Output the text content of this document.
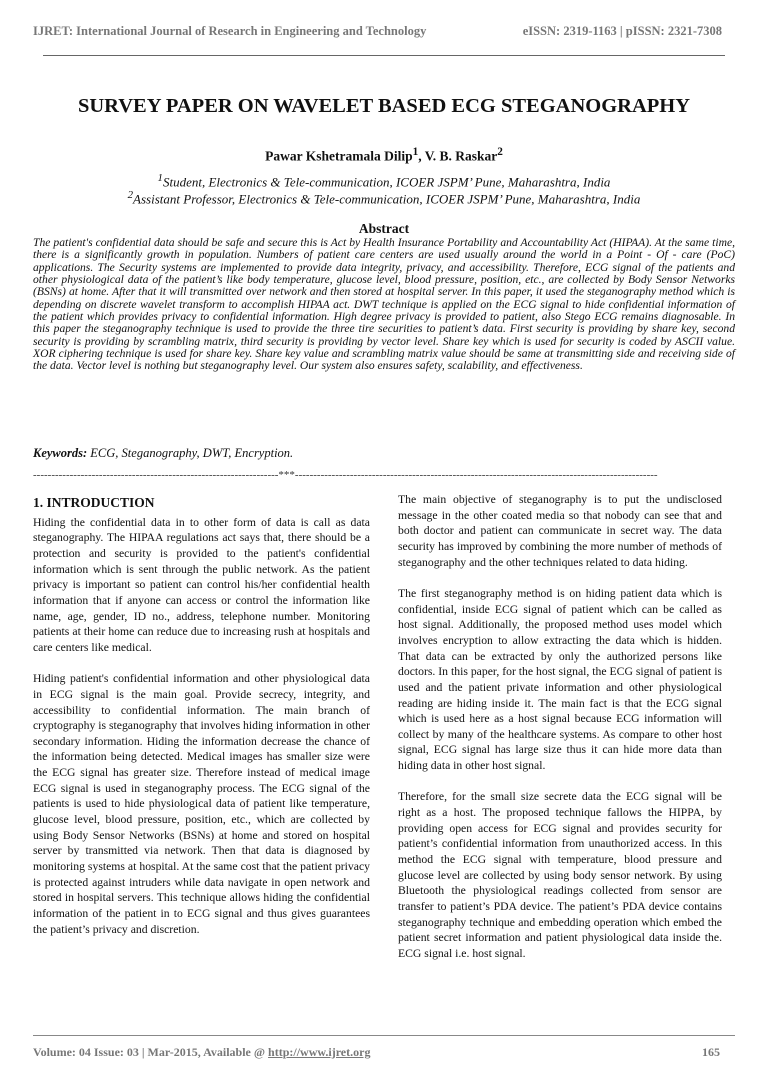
IJRET: International Journal of Research in Engineering and Technology	eISSN: 2319-1163 | pISSN: 2321-7308
SURVEY PAPER ON WAVELET BASED ECG STEGANOGRAPHY
Pawar Kshetramala Dilip$^1$, V. B. Raskar$^2$
$^1$Student, Electronics & Tele-communication, ICOER JSPM’ Pune, Maharashtra, India
$^2$Assistant Professor, Electronics & Tele-communication, ICOER JSPM’ Pune, Maharashtra, India
Abstract
The patient's confidential data should be safe and secure this is Act by Health Insurance Portability and Accountability Act (HIPAA). At the same time, there is a significantly growth in population. Numbers of patient care centers are used usually around the world in a Point - Of - care (PoC) applications. The Security systems are implemented to provide data integrity, privacy, and accessibility. Therefore, ECG signal of the patients and other physiological data of the patient’s like body temperature, glucose level, blood pressure, position, etc., are collected by Body Sensor Networks (BSNs) at home. After that it will transmitted over network and then stored at hospital server. In this paper, it used the steganography method which is depending on discrete wavelet transform to accomplish HIPAA act. DWT technique is applied on the ECG signal to hide confidential information of the patient which provides privacy to confidential information. High degree privacy is provided to patient, also Stego ECG remains diagnosable. In this paper the steganography technique is used to provide the three tire securities to patient’s data. First security is providing by share key, second security is providing by scrambling matrix, third security is providing by vector level. Share key which is used for security is coded by ASCII value. XOR ciphering technique is used for share key. Share key value and scrambling matrix value should be same at transmitting side and receiving side of the data. Vector level is nothing but steganography level. Our system also ensures safety, scalability, and effectiveness.
Keywords: ECG, Steganography, DWT, Encryption.
-------------------------------------------------------------------***---------------------------------------------------------------------------------------------------
1. INTRODUCTION

Hiding the confidential data in to other form of data is call as data steganography. The HIPAA regulations act says that, there should be a protection and security is provided to the patient's confidential information which is sent through the public network. As the patient privacy is important so patient can control his/her confidential health information that if anyone can access or control the information like name, age, gender, ID no., address, telephone number. Monitoring patients at their home can reduce due to increasing rush at hospitals and care centers like medical.

Hiding patient's confidential information and other physiological data in ECG signal is the main goal. Provide secrecy, integrity, and accessibility to confidential information. The main branch of cryptography is steganography that involves hiding information in other secondary information. Hiding the information decrease the chance of the information being detected. Medical images has smaller size were the ECG signal has greater size. Therefore instead of medical image ECG signal is used in steganography process. The ECG signal of the patients is used to hide physiological data of patient like temperature, glucose level, blood pressure, position, etc., which are collected by using Body Sensor Networks (BSNs) at home and stored on hospital server by transmitted via network. Then that data is diagnosed by monitoring systems at hospital. At the same cost that the patient privacy is protected against intruders while data navigate in open network and stored in hospital servers. This technique allows hiding the confidential information of the patient in to ECG signal and thus gives guarantees the patient’s privacy and discretion.

The main objective of steganography is to put the undisclosed message in the other coated media so that nobody can see that and both doctor and patient can communicate in secret way. The data security has improved by combining the more number of methods of steganography and the other techniques related to data hiding.

The first steganography method is on hiding patient data which is confidential, inside ECG signal of patient which can be called as host signal. Additionally, the proposed method uses model which involves encryption to allow extracting the data which is hidden. That data can be extracted by only the authorized persons like doctors. In this paper, for the host signal, the ECG signal of patient is used and the patient private information and other physiological reading are hiding inside it. The main fact is that the ECG signal which is used here as a host signal because ECG information will collect by many of the healthcare systems. As compare to other host signal, ECG signal has large size thus it can hide more data than hiding data in other host signal.

Therefore, for the small size secrete data the ECG signal will be right as a host. The proposed technique fallows the HIPPA, by providing open access for ECG signal and provides security for patient’s confidential information from unauthorized access. In this method the ECG signal with temperature, blood pressure and glucose level are collected by using body sensor network. By using Bluetooth the physiological readings collected from sensor are transfer to patient’s PDA device. The patient’s PDA device contains steganography technique and embedding operation which embed the patient secret information and patient physiological data inside the. ECG signal i.e. host signal.

Volume: 04 Issue: 03 | Mar-2015, Available @ http://www.ijret.org	165
